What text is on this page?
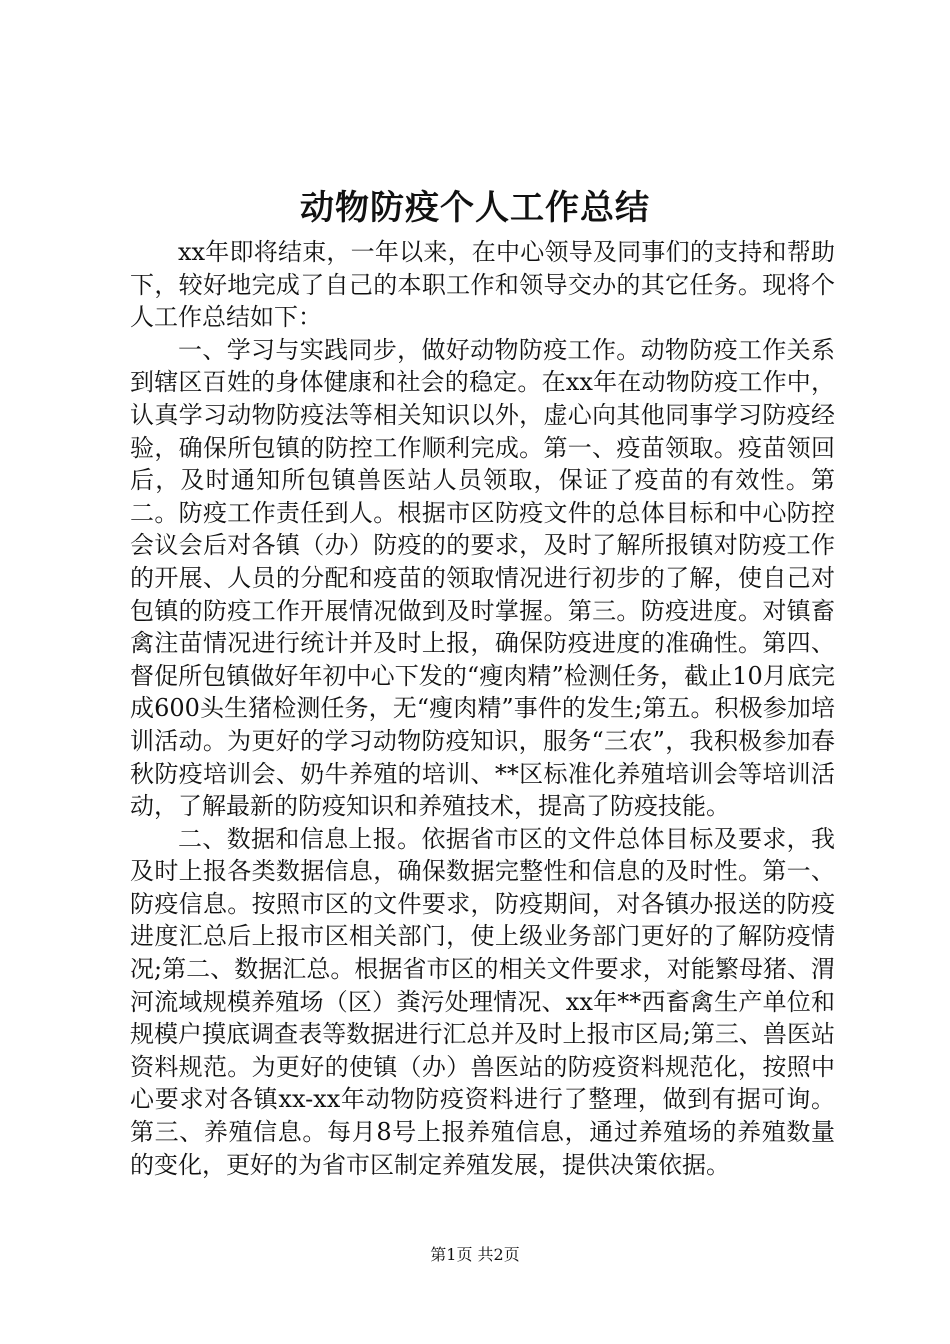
动物防疫个人工作总结

xx年即将结束，一年以来，在中心领导及同事们的支持和帮助下，较好地完成了自己的本职工作和领导交办的其它任务。现将个人工作总结如下：

一、学习与实践同步，做好动物防疫工作。动物防疫工作关系到辖区百姓的身体健康和社会的稳定。在xx年在动物防疫工作中，认真学习动物防疫法等相关知识以外，虚心向其他同事学习防疫经验，确保所包镇的防控工作顺利完成。第一、疫苗领取。疫苗领回后，及时通知所包镇兽医站人员领取，保证了疫苗的有效性。第二。防疫工作责任到人。根据市区防疫文件的总体目标和中心防控会议会后对各镇（办）防疫的的要求，及时了解所报镇对防疫工作的开展、人员的分配和疫苗的领取情况进行初步的了解，使自己对包镇的防疫工作开展情况做到及时掌握。第三。防疫进度。对镇畜禽注苗情况进行统计并及时上报，确保防疫进度的准确性。第四、督促所包镇做好年初中心下发的“瘦肉精”检测任务，截止10月底完成600头生猪检测任务，无“瘦肉精”事件的发生;第五。积极参加培训活动。为更好的学习动物防疫知识，服务“三农”，我积极参加春秋防疫培训会、奶牛养殖的培训、**区标准化养殖培训会等培训活动，了解最新的防疫知识和养殖技术，提高了防疫技能。

二、数据和信息上报。依据省市区的文件总体目标及要求，我及时上报各类数据信息，确保数据完整性和信息的及时性。第一、防疫信息。按照市区的文件要求，防疫期间，对各镇办报送的防疫进度汇总后上报市区相关部门，使上级业务部门更好的了解防疫情况;第二、数据汇总。根据省市区的相关文件要求，对能繁母猪、渭河流域规模养殖场（区）粪污处理情况、xx年**西畜禽生产单位和规模户摸底调查表等数据进行汇总并及时上报市区局;第三、兽医站资料规范。为更好的使镇（办）兽医站的防疫资料规范化，按照中心要求对各镇xx-xx年动物防疫资料进行了整理，做到有据可询。第三、养殖信息。每月8号上报养殖信息，通过养殖场的养殖数量的变化，更好的为省市区制定养殖发展，提供决策依据。

第1页 共2页
